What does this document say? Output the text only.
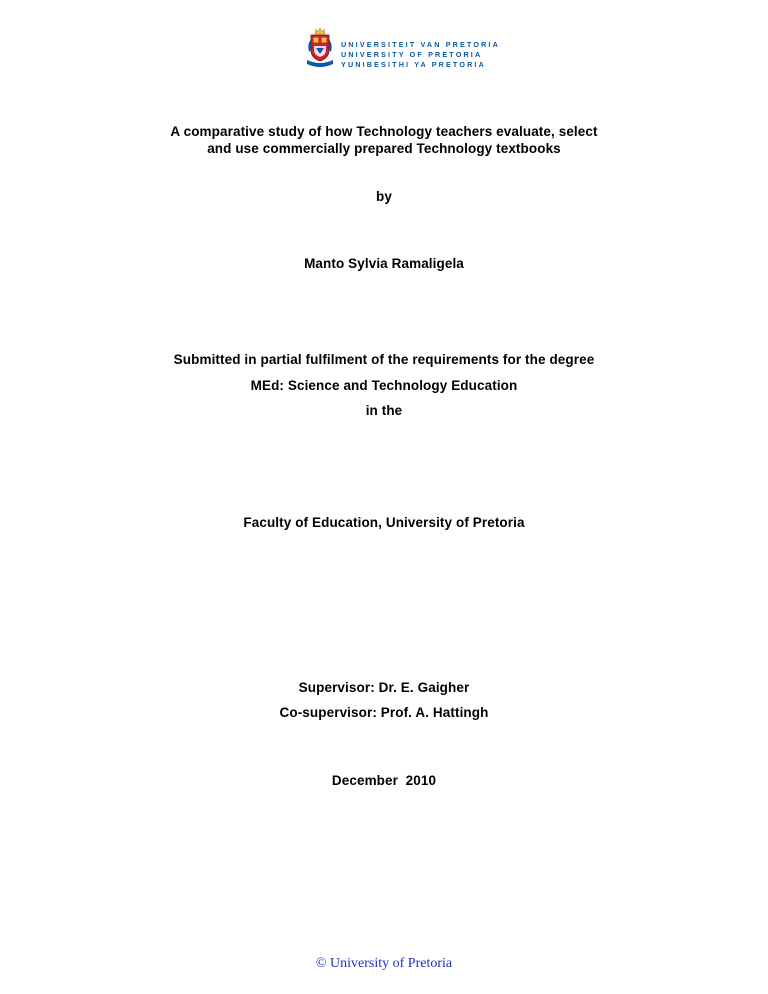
UNIVERSITEIT VAN PRETORIA
UNIVERSITY OF PRETORIA
YUNIBESITHI YA PRETORIA
A comparative study of how Technology teachers evaluate, select
and use commercially prepared Technology textbooks
by
Manto Sylvia Ramaligela
Submitted in partial fulfilment of the requirements for the degree
MEd: Science and Technology Education
in the
Faculty of Education, University of Pretoria
Supervisor: Dr. E. Gaigher
Co-supervisor: Prof. A. Hattingh
December  2010
© University of Pretoria
